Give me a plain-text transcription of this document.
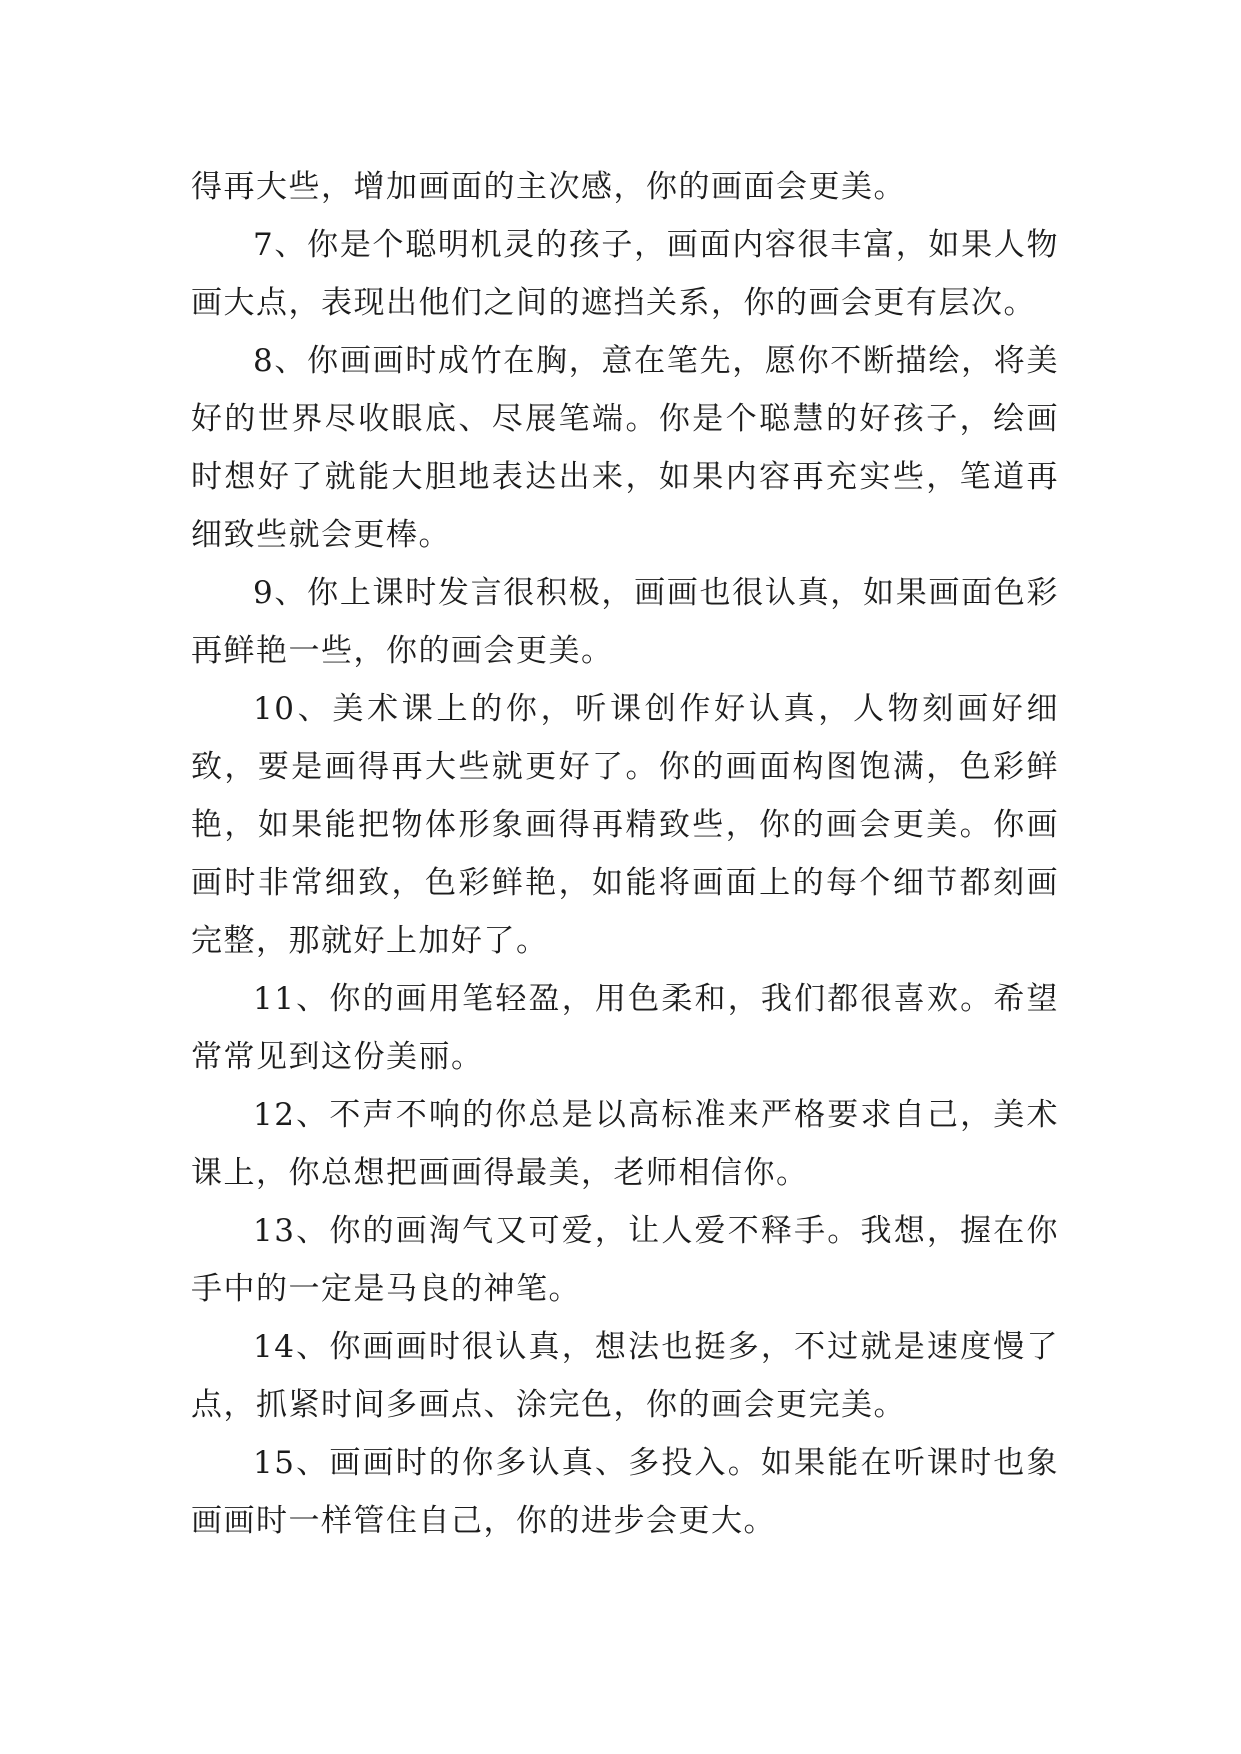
得再大些，增加画面的主次感，你的画面会更美。

7、你是个聪明机灵的孩子，画面内容很丰富，如果人物画大点，表现出他们之间的遮挡关系，你的画会更有层次。

8、你画画时成竹在胸，意在笔先，愿你不断描绘，将美好的世界尽收眼底、尽展笔端。你是个聪慧的好孩子，绘画时想好了就能大胆地表达出来，如果内容再充实些，笔道再细致些就会更棒。

9、你上课时发言很积极，画画也很认真，如果画面色彩再鲜艳一些，你的画会更美。

10、美术课上的你，听课创作好认真，人物刻画好细致，要是画得再大些就更好了。你的画面构图饱满，色彩鲜艳，如果能把物体形象画得再精致些，你的画会更美。你画画时非常细致，色彩鲜艳，如能将画面上的每个细节都刻画完整，那就好上加好了。

11、你的画用笔轻盈，用色柔和，我们都很喜欢。希望常常见到这份美丽。

12、不声不响的你总是以高标准来严格要求自己，美术课上，你总想把画画得最美，老师相信你。

13、你的画淘气又可爱，让人爱不释手。我想，握在你手中的一定是马良的神笔。

14、你画画时很认真，想法也挺多，不过就是速度慢了点，抓紧时间多画点、涂完色，你的画会更完美。

15、画画时的你多认真、多投入。如果能在听课时也象画画时一样管住自己，你的进步会更大。
